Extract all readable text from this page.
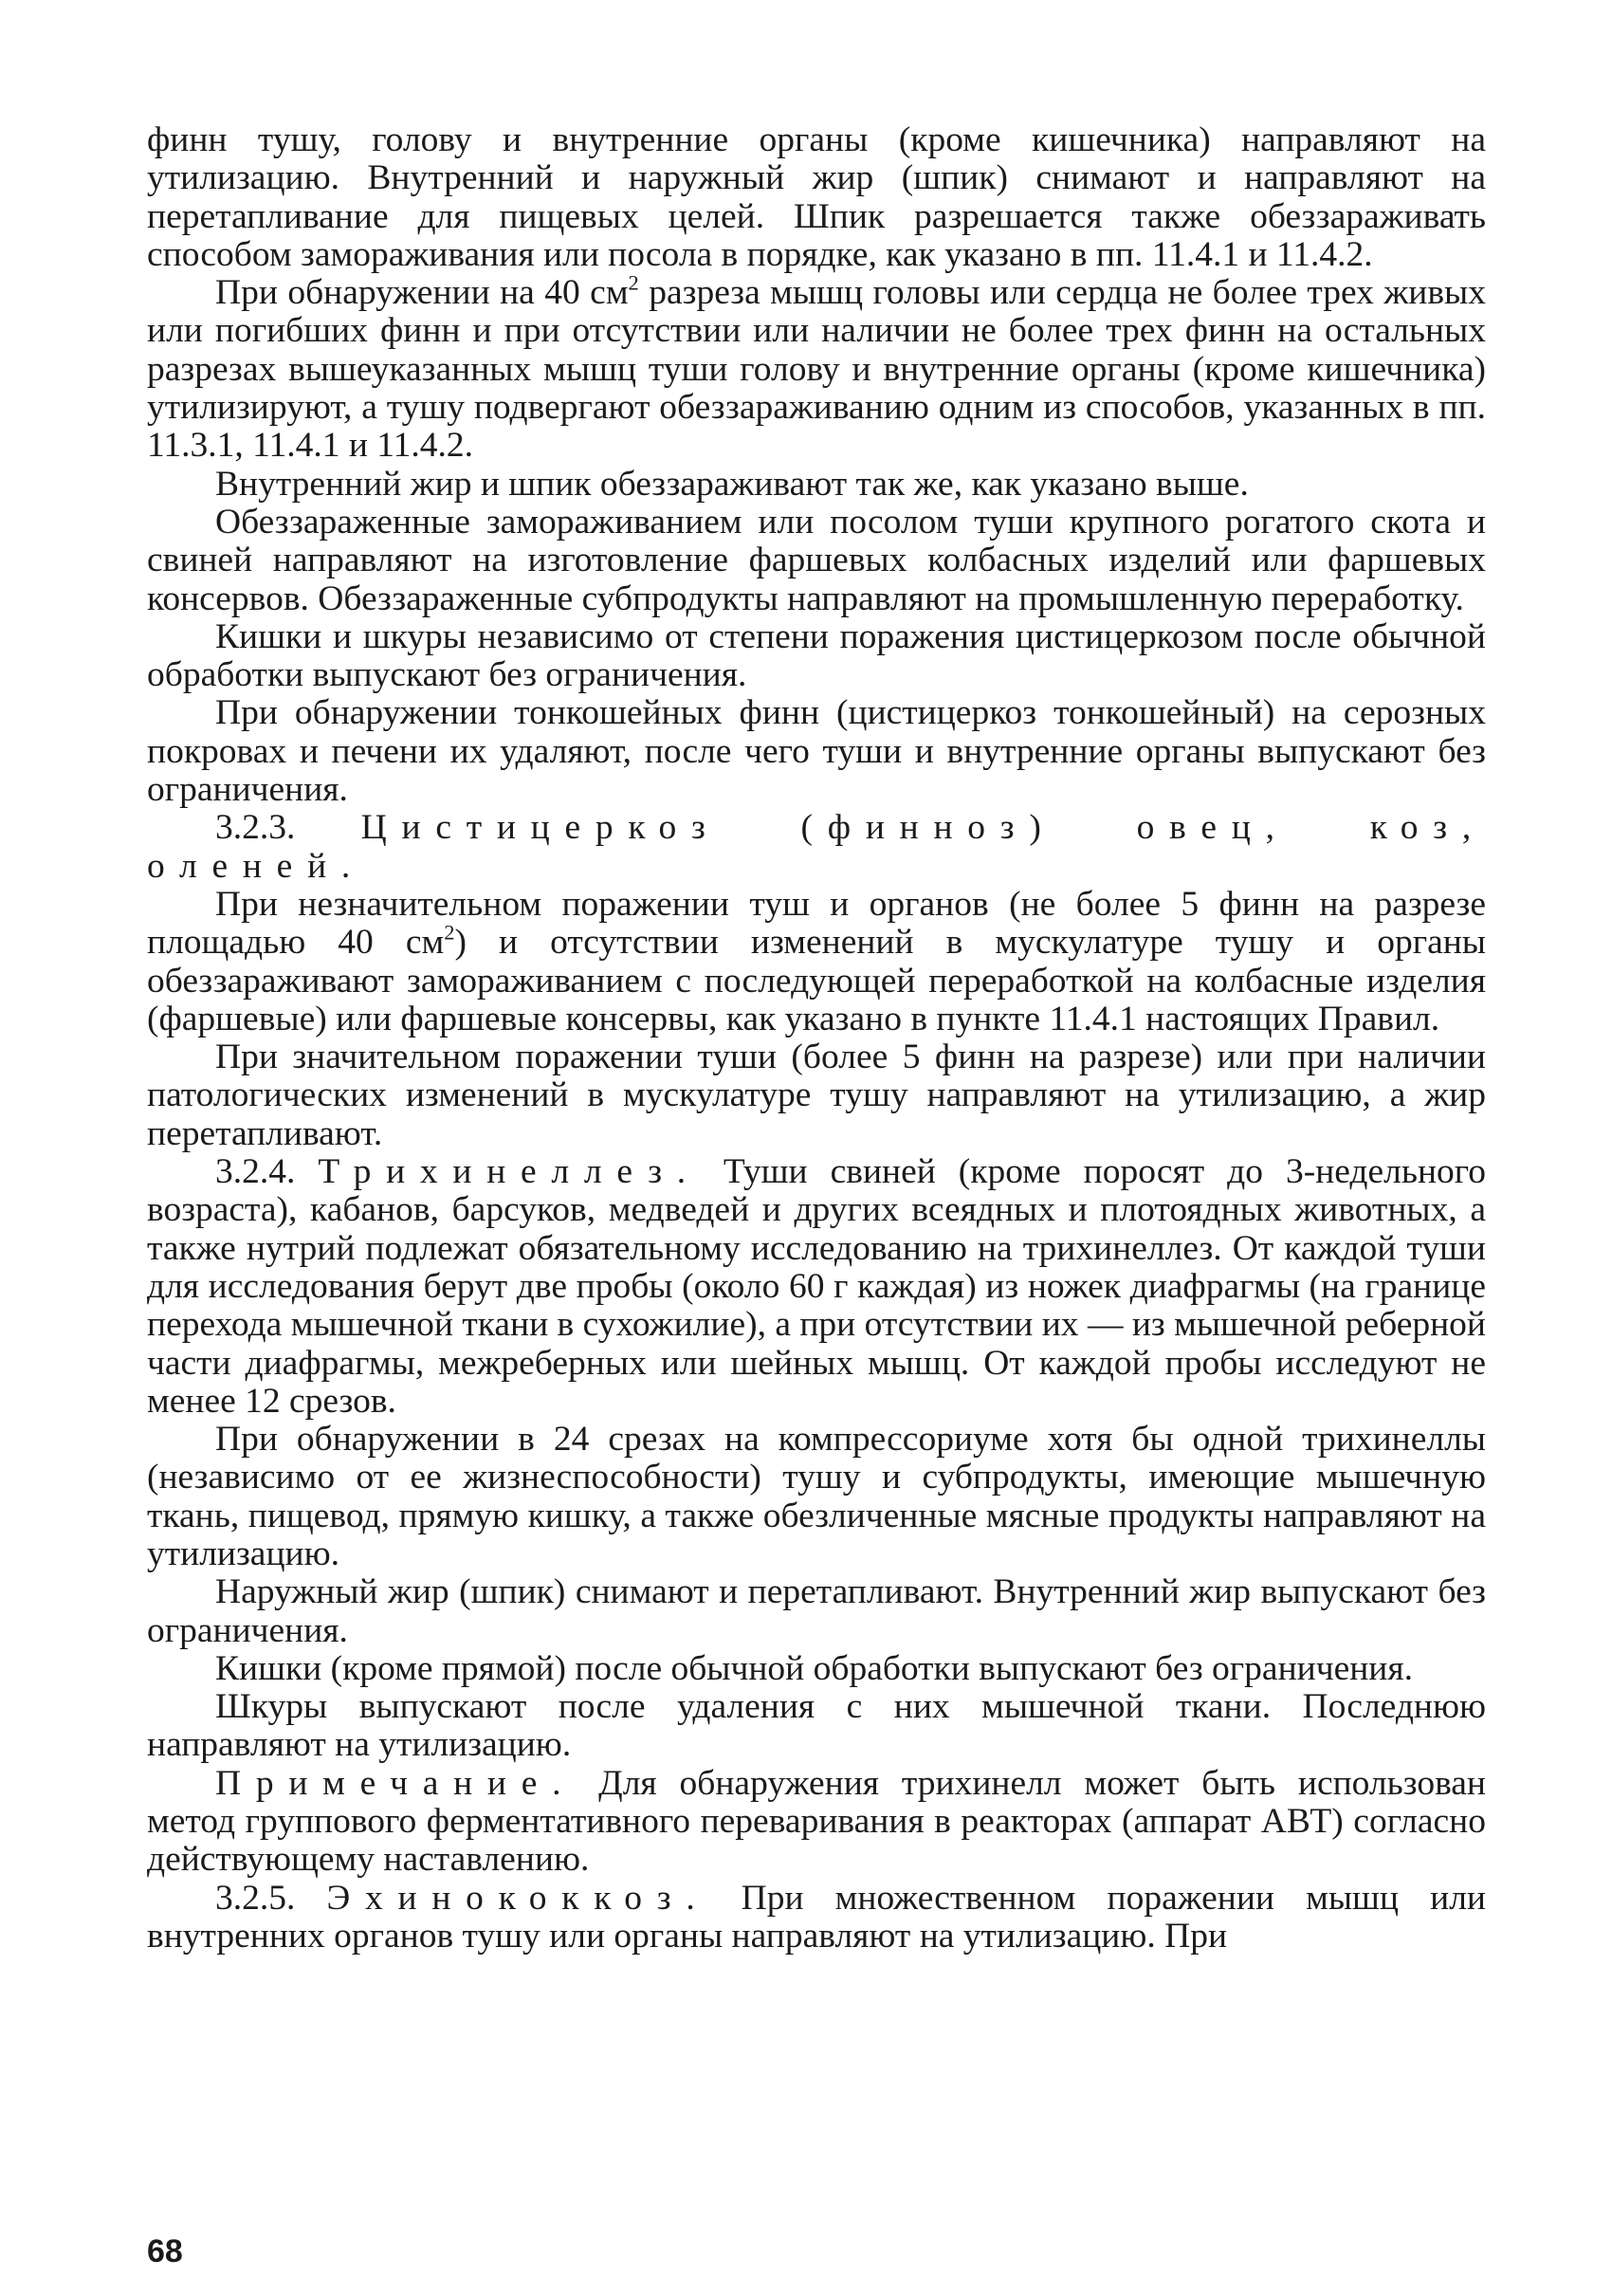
финн тушу, голову и внутренние органы (кроме кишечника) направляют на утилизацию. Внутренний и наружный жир (шпик) снимают и направляют на перетапливание для пищевых целей. Шпик разрешается также обеззараживать способом замораживания или посола в порядке, как указано в пп. 11.4.1 и 11.4.2.

При обнаружении на 40 $см^2$ разреза мышц головы или сердца не более трех живых или погибших финн и при отсутствии или наличии не более трех финн на остальных разрезах вышеуказанных мышц туши голову и внутренние органы (кроме кишечника) утилизируют, а тушу подвергают обеззараживанию одним из способов, указанных в пп. 11.3.1, 11.4.1 и 11.4.2.

Внутренний жир и шпик обеззараживают так же, как указано выше.

Обеззараженные замораживанием или посолом туши крупного рогатого скота и свиней направляют на изготовление фаршевых колбасных изделий или фаршевых консервов. Обеззараженные субпродукты направляют на промышленную переработку.

Кишки и шкуры независимо от степени поражения цистицеркозом после обычной обработки выпускают без ограничения.

При обнаружении тонкошейных финн (цистицеркоз тонкошейный) на серозных покровах и печени их удаляют, после чего туши и внутренние органы выпускают без ограничения.

3.2.3. Цистицеркоз (финноз) овец, коз, оленей.

При незначительном поражении туш и органов (не более 5 финн на разрезе площадью 40 $см^2$) и отсутствии изменений в мускулатуре тушу и органы обеззараживают замораживанием с последующей переработкой на колбасные изделия (фаршевые) или фаршевые консервы, как указано в пункте 11.4.1 настоящих Правил.

При значительном поражении туши (более 5 финн на разрезе) или при наличии патологических изменений в мускулатуре тушу направляют на утилизацию, а жир перетапливают.

3.2.4. Трихинеллез. Туши свиней (кроме поросят до 3-недельного возраста), кабанов, барсуков, медведей и других всеядных и плотоядных животных, а также нутрий подлежат обязательному исследованию на трихинеллез. От каждой туши для исследования берут две пробы (около 60 г каждая) из ножек диафрагмы (на границе перехода мышечной ткани в сухожилие), а при отсутствии их — из мышечной реберной части диафрагмы, межреберных или шейных мышц. От каждой пробы исследуют не менее 12 срезов.

При обнаружении в 24 срезах на компрессориуме хотя бы одной трихинеллы (независимо от ее жизнеспособности) тушу и субпродукты, имеющие мышечную ткань, пищевод, прямую кишку, а также обезличенные мясные продукты направляют на утилизацию.

Наружный жир (шпик) снимают и перетапливают. Внутренний жир выпускают без ограничения.

Кишки (кроме прямой) после обычной обработки выпускают без ограничения.

Шкуры выпускают после удаления с них мышечной ткани. Последнюю направляют на утилизацию.

Примечание. Для обнаружения трихинелл может быть использован метод группового ферментативного переваривания в реакторах (аппарат АВТ) согласно действующему наставлению.

3.2.5. Эхинококкоз. При множественном поражении мышц или внутренних органов тушу или органы направляют на утилизацию. При

68
